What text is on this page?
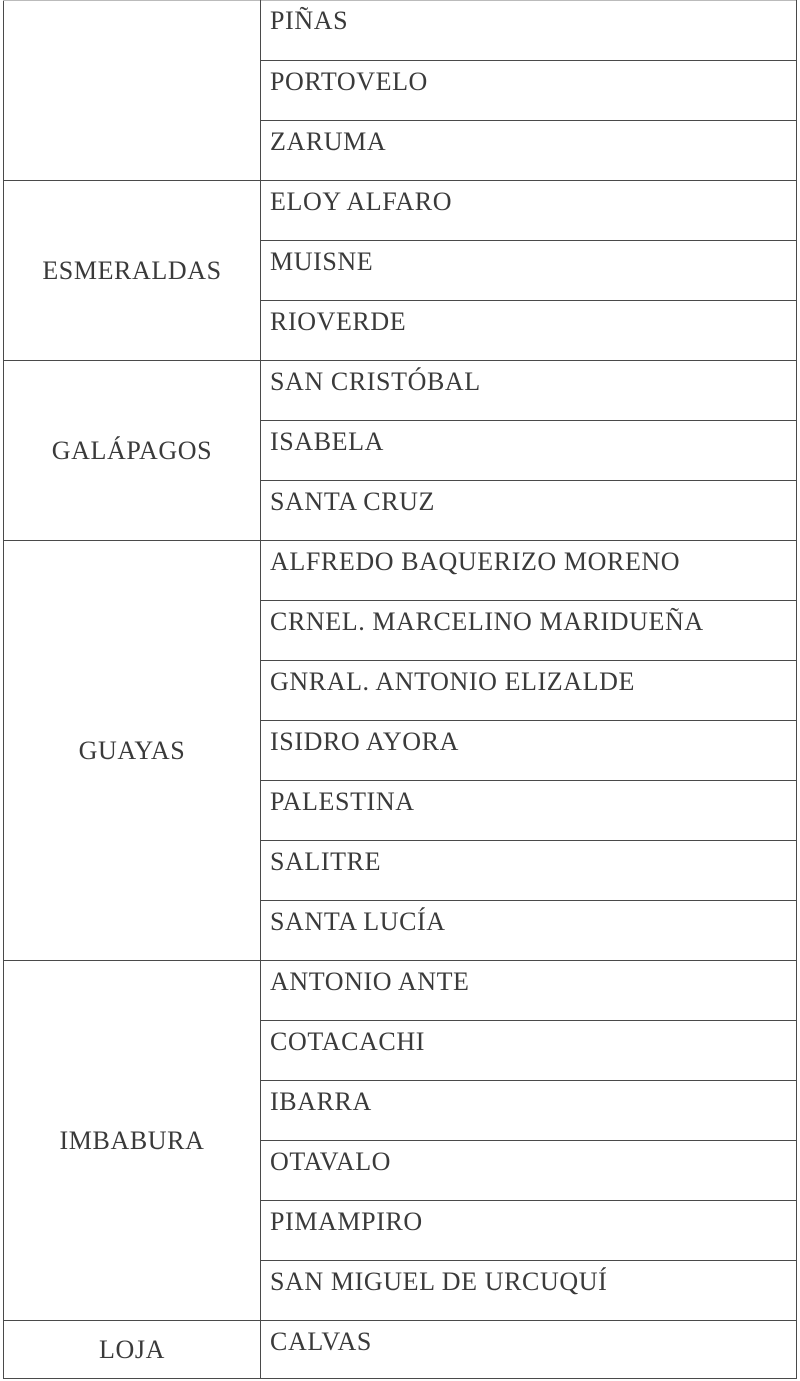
	PIÑAS
	PORTOVELO
	ZARUMA
ESMERALDAS	ELOY ALFARO
	MUISNE
	RIOVERDE
GALÁPAGOS	SAN CRISTÓBAL
	ISABELA
	SANTA CRUZ
GUAYAS	ALFREDO BAQUERIZO MORENO
	CRNEL. MARCELINO MARIDUEÑA
	GNRAL. ANTONIO ELIZALDE
	ISIDRO AYORA
	PALESTINA
	SALITRE
	SANTA LUCÍA
IMBABURA	ANTONIO ANTE
	COTACACHI
	IBARRA
	OTAVALO
	PIMAMPIRO
	SAN MIGUEL DE URCUQUÍ
LOJA	CALVAS
